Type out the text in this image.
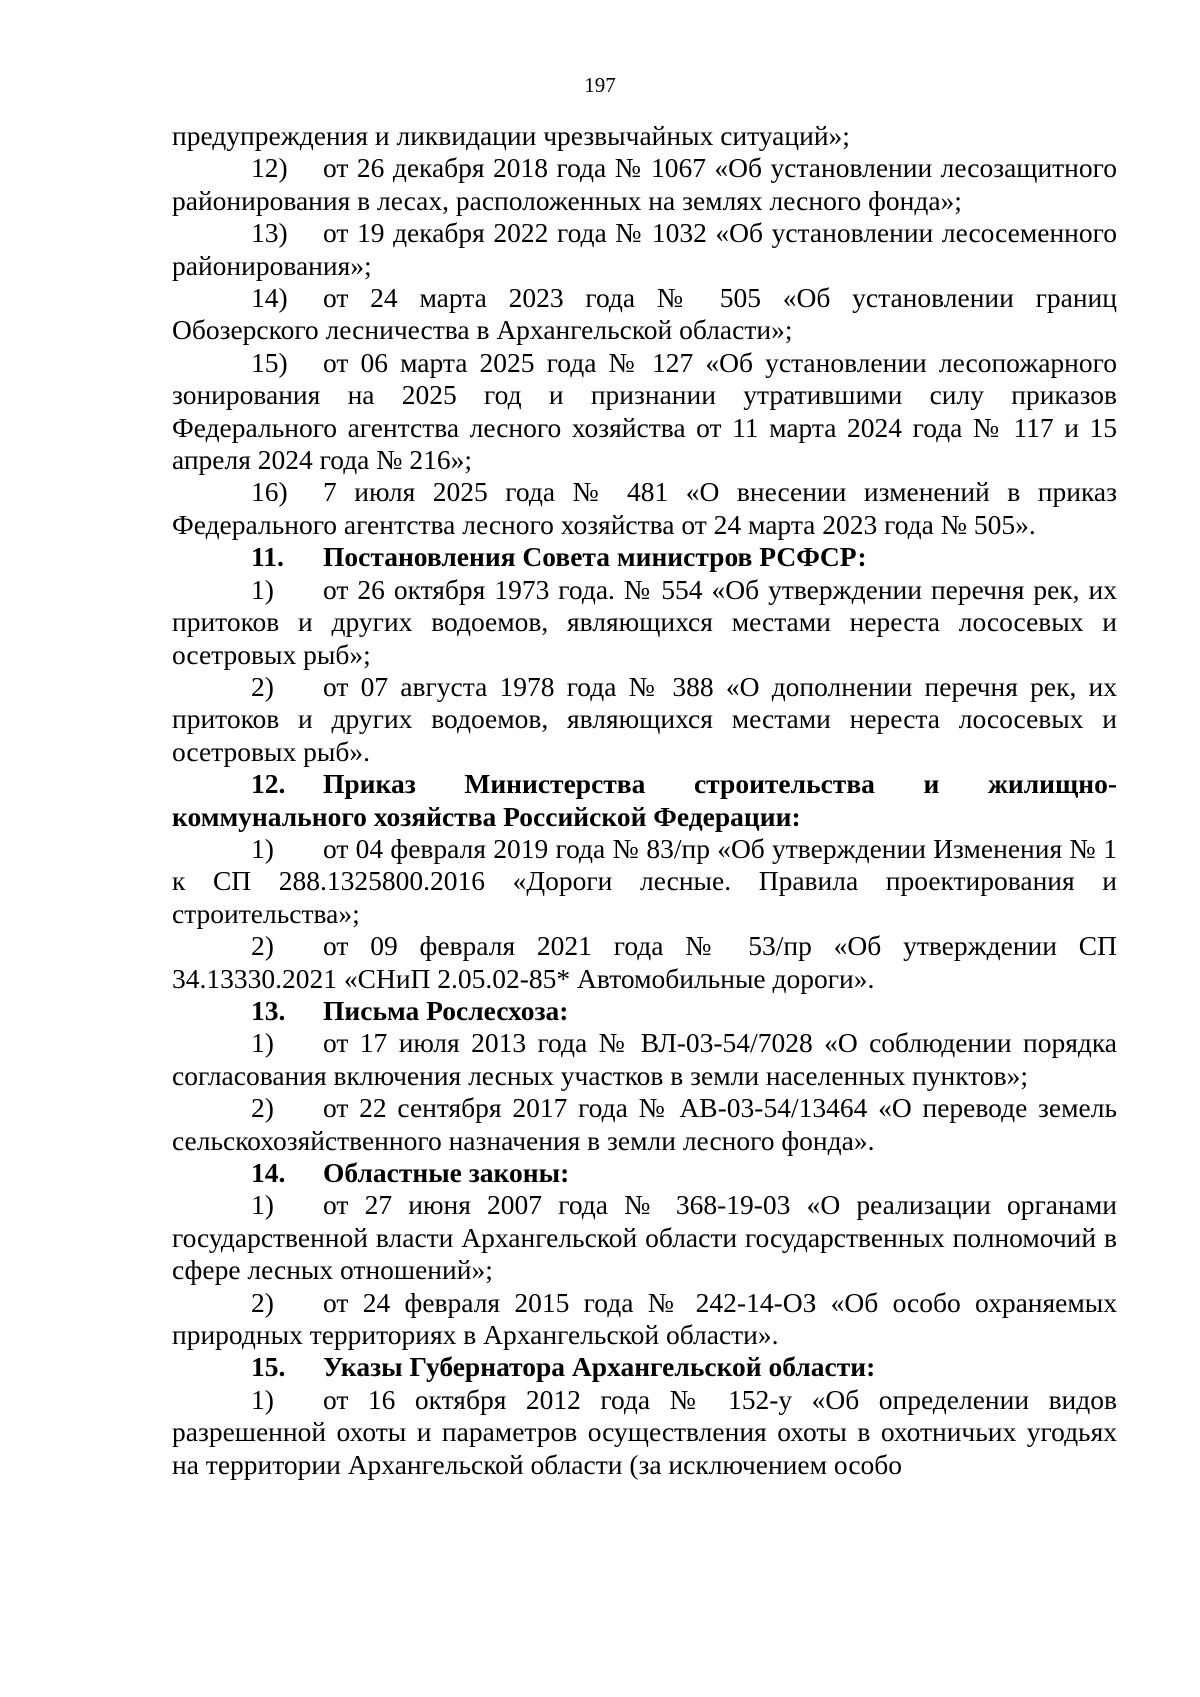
197

предупреждения и ликвидации чрезвычайных ситуаций»;

12) от 26 декабря 2018 года № 1067 «Об установлении лесозащитного районирования в лесах, расположенных на землях лесного фонда»;

13) от 19 декабря 2022 года № 1032 «Об установлении лесосеменного районирования»;

14) от 24 марта 2023 года № 505 «Об установлении границ Обозерского лесничества в Архангельской области»;

15) от 06 марта 2025 года № 127 «Об установлении лесопожарного зонирования на 2025 год и признании утратившими силу приказов Федерального агентства лесного хозяйства от 11 марта 2024 года № 117 и 15 апреля 2024 года № 216»;

16) 7 июля 2025 года № 481 «О внесении изменений в приказ Федерального агентства лесного хозяйства от 24 марта 2023 года № 505».

11. Постановления Совета министров РСФСР:

1) от 26 октября 1973 года. № 554 «Об утверждении перечня рек, их притоков и других водоемов, являющихся местами нереста лососевых и осетровых рыб»;

2) от 07 августа 1978 года № 388 «О дополнении перечня рек, их притоков и других водоемов, являющихся местами нереста лососевых и осетровых рыб».

12. Приказ Министерства строительства и жилищно-коммунального хозяйства Российской Федерации:

1) от 04 февраля 2019 года № 83/пр «Об утверждении Изменения № 1 к СП 288.1325800.2016 «Дороги лесные. Правила проектирования и строительства»;

2) от 09 февраля 2021 года № 53/пр «Об утверждении СП 34.13330.2021 «СНиП 2.05.02-85* Автомобильные дороги».

13. Письма Рослесхоза:

1) от 17 июля 2013 года № ВЛ-03-54/7028 «О соблюдении порядка согласования включения лесных участков в земли населенных пунктов»;

2) от 22 сентября 2017 года № АВ-03-54/13464 «О переводе земель сельскохозяйственного назначения в земли лесного фонда».

14. Областные законы:

1) от 27 июня 2007 года № 368-19-03 «О реализации органами государственной власти Архангельской области государственных полномочий в сфере лесных отношений»;

2) от 24 февраля 2015 года № 242-14-ОЗ «Об особо охраняемых природных территориях в Архангельской области».

15. Указы Губернатора Архангельской области:

1) от 16 октября 2012 года № 152-у «Об определении видов разрешенной охоты и параметров осуществления охоты в охотничьих угодьях на территории Архангельской области (за исключением особо
